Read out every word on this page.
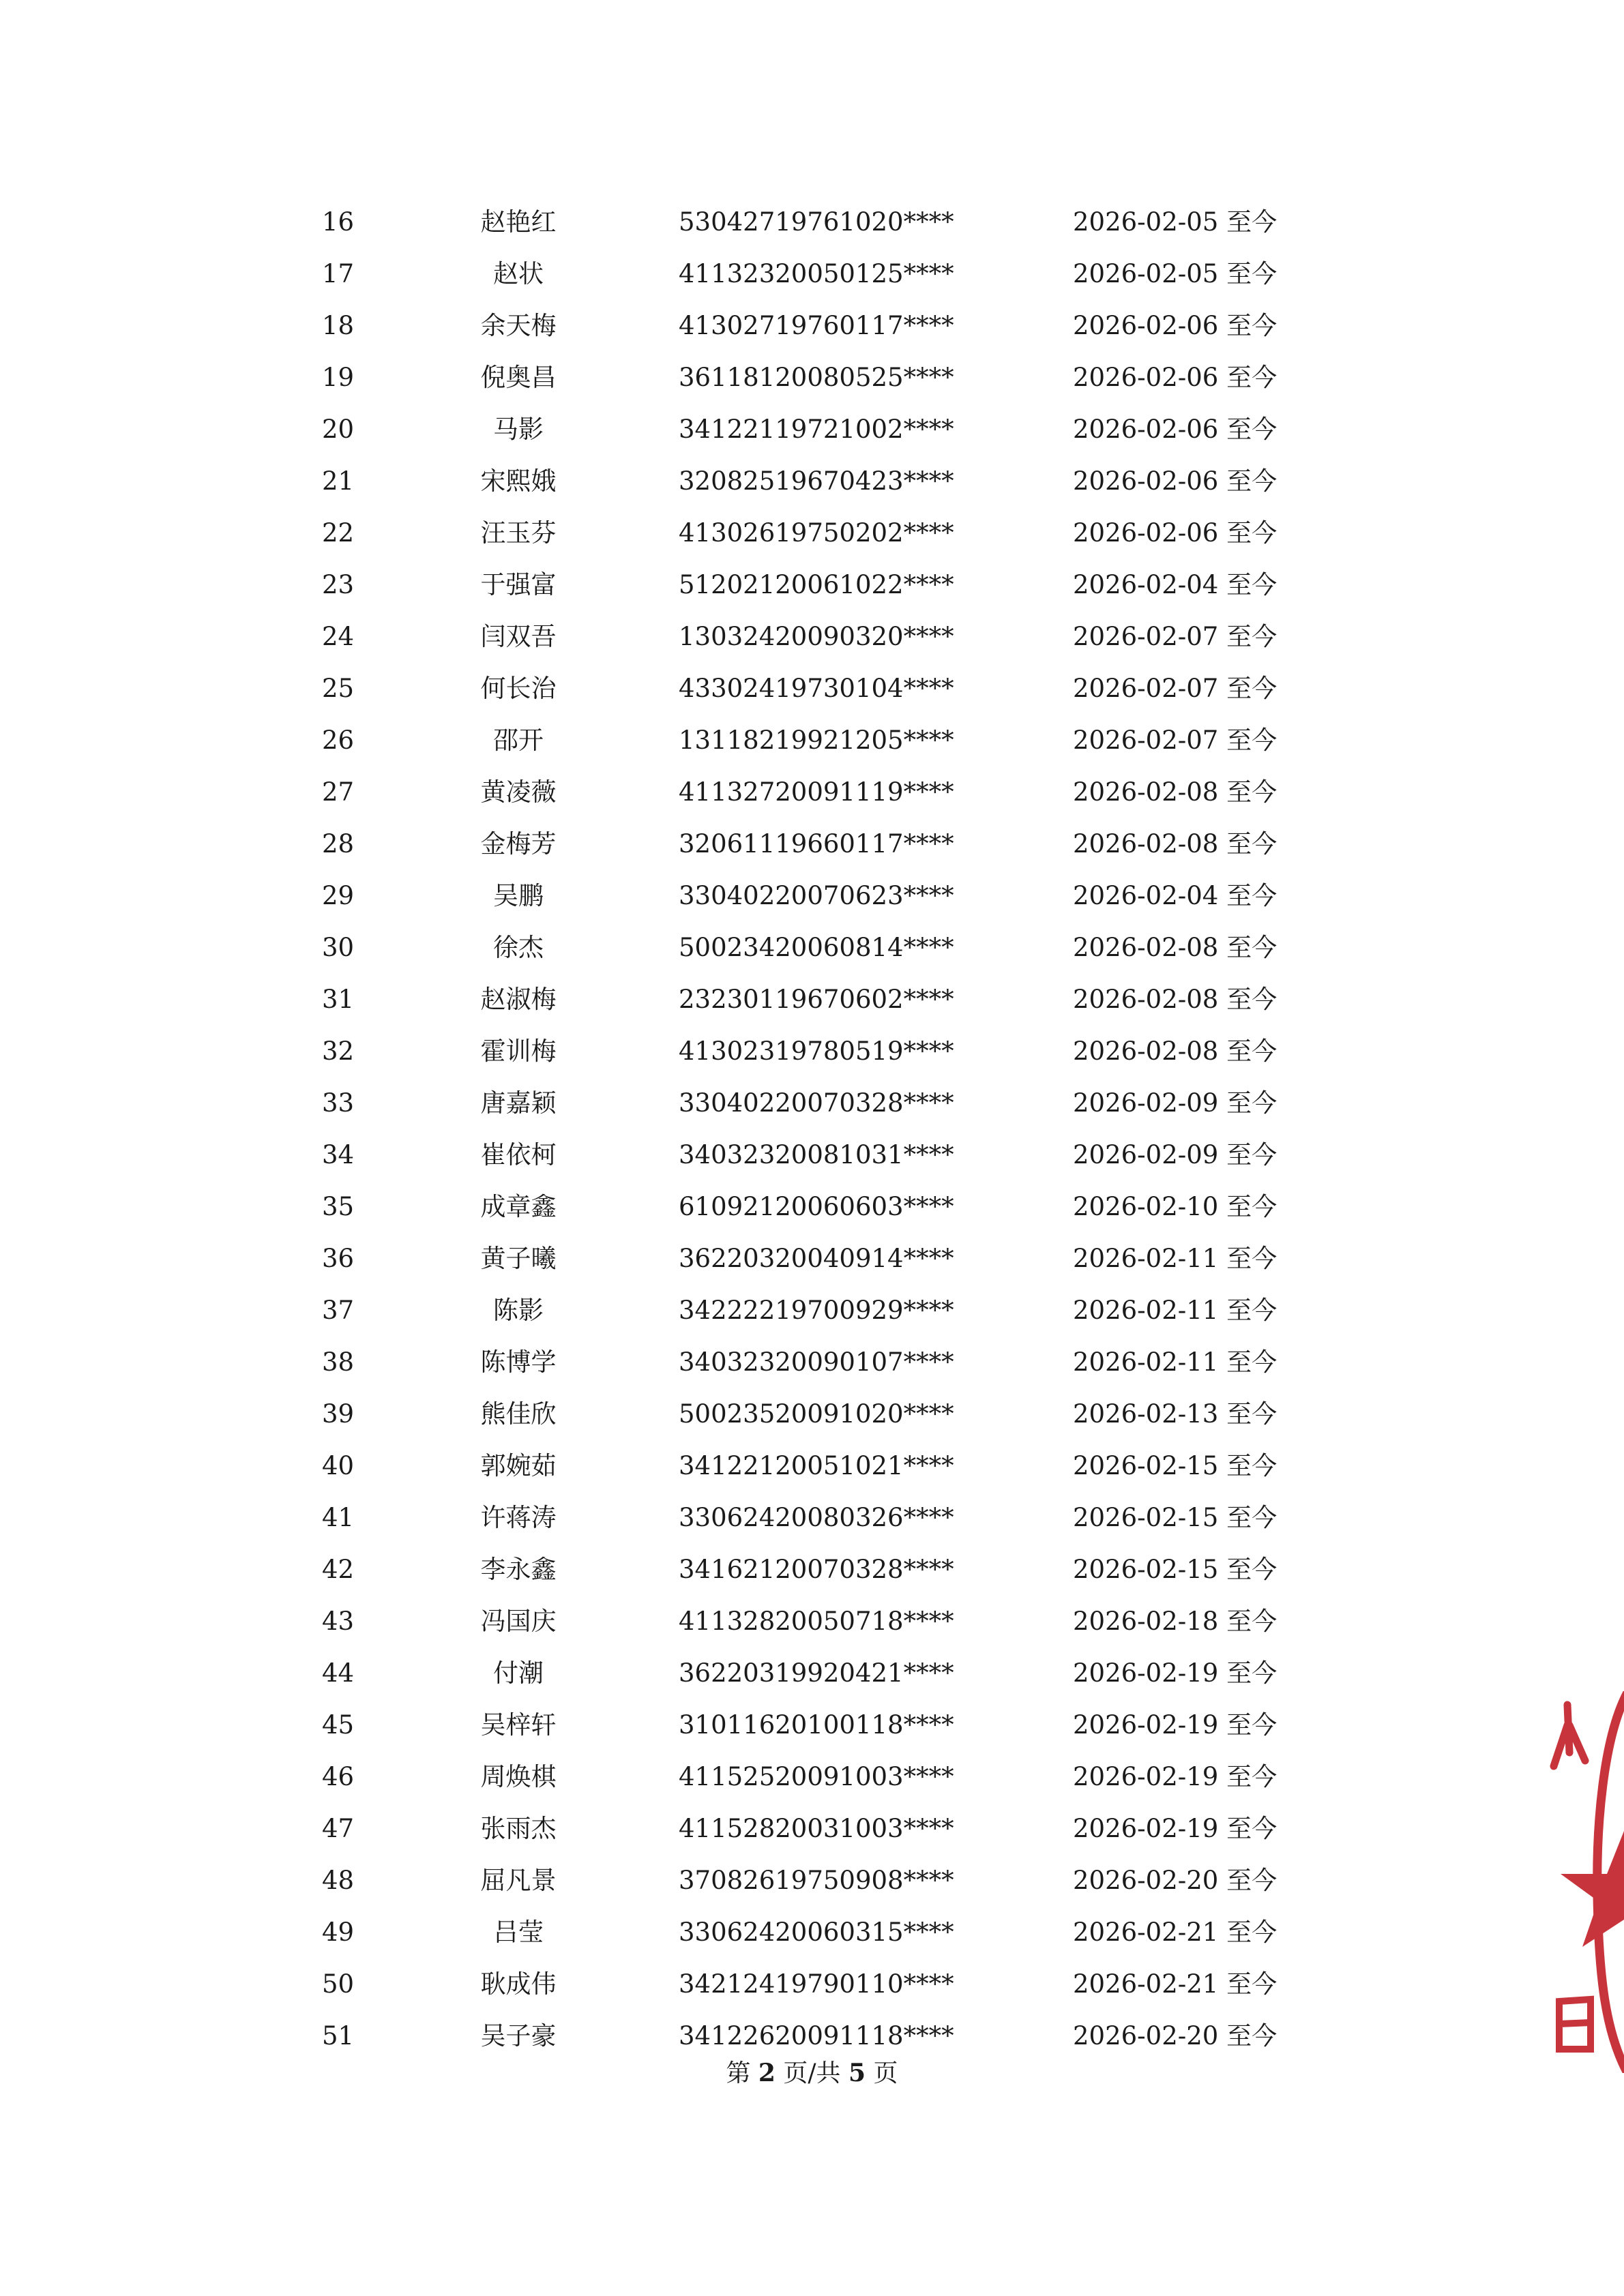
16	赵艳红	53042719761020****	2026-02-05 至今
17	赵状	41132320050125****	2026-02-05 至今
18	余天梅	41302719760117****	2026-02-06 至今
19	倪奥昌	36118120080525****	2026-02-06 至今
20	马影	34122119721002****	2026-02-06 至今
21	宋熙娥	32082519670423****	2026-02-06 至今
22	汪玉芬	41302619750202****	2026-02-06 至今
23	于强富	51202120061022****	2026-02-04 至今
24	闫双吾	13032420090320****	2026-02-07 至今
25	何长治	43302419730104****	2026-02-07 至今
26	邵开	13118219921205****	2026-02-07 至今
27	黄凌薇	41132720091119****	2026-02-08 至今
28	金梅芳	32061119660117****	2026-02-08 至今
29	吴鹏	33040220070623****	2026-02-04 至今
30	徐杰	50023420060814****	2026-02-08 至今
31	赵淑梅	23230119670602****	2026-02-08 至今
32	霍训梅	41302319780519****	2026-02-08 至今
33	唐嘉颖	33040220070328****	2026-02-09 至今
34	崔依柯	34032320081031****	2026-02-09 至今
35	成章鑫	61092120060603****	2026-02-10 至今
36	黄子曦	36220320040914****	2026-02-11 至今
37	陈影	34222219700929****	2026-02-11 至今
38	陈博学	34032320090107****	2026-02-11 至今
39	熊佳欣	50023520091020****	2026-02-13 至今
40	郭婉茹	34122120051021****	2026-02-15 至今
41	许蒋涛	33062420080326****	2026-02-15 至今
42	李永鑫	34162120070328****	2026-02-15 至今
43	冯国庆	41132820050718****	2026-02-18 至今
44	付潮	36220319920421****	2026-02-19 至今
45	吴梓轩	31011620100118****	2026-02-19 至今
46	周焕棋	41152520091003****	2026-02-19 至今
47	张雨杰	41152820031003****	2026-02-19 至今
48	屈凡景	37082619750908****	2026-02-20 至今
49	吕莹	33062420060315****	2026-02-21 至今
50	耿成伟	34212419790110****	2026-02-21 至今
51	吴子豪	34122620091118****	2026-02-20 至今
第 2 页/共 5 页
